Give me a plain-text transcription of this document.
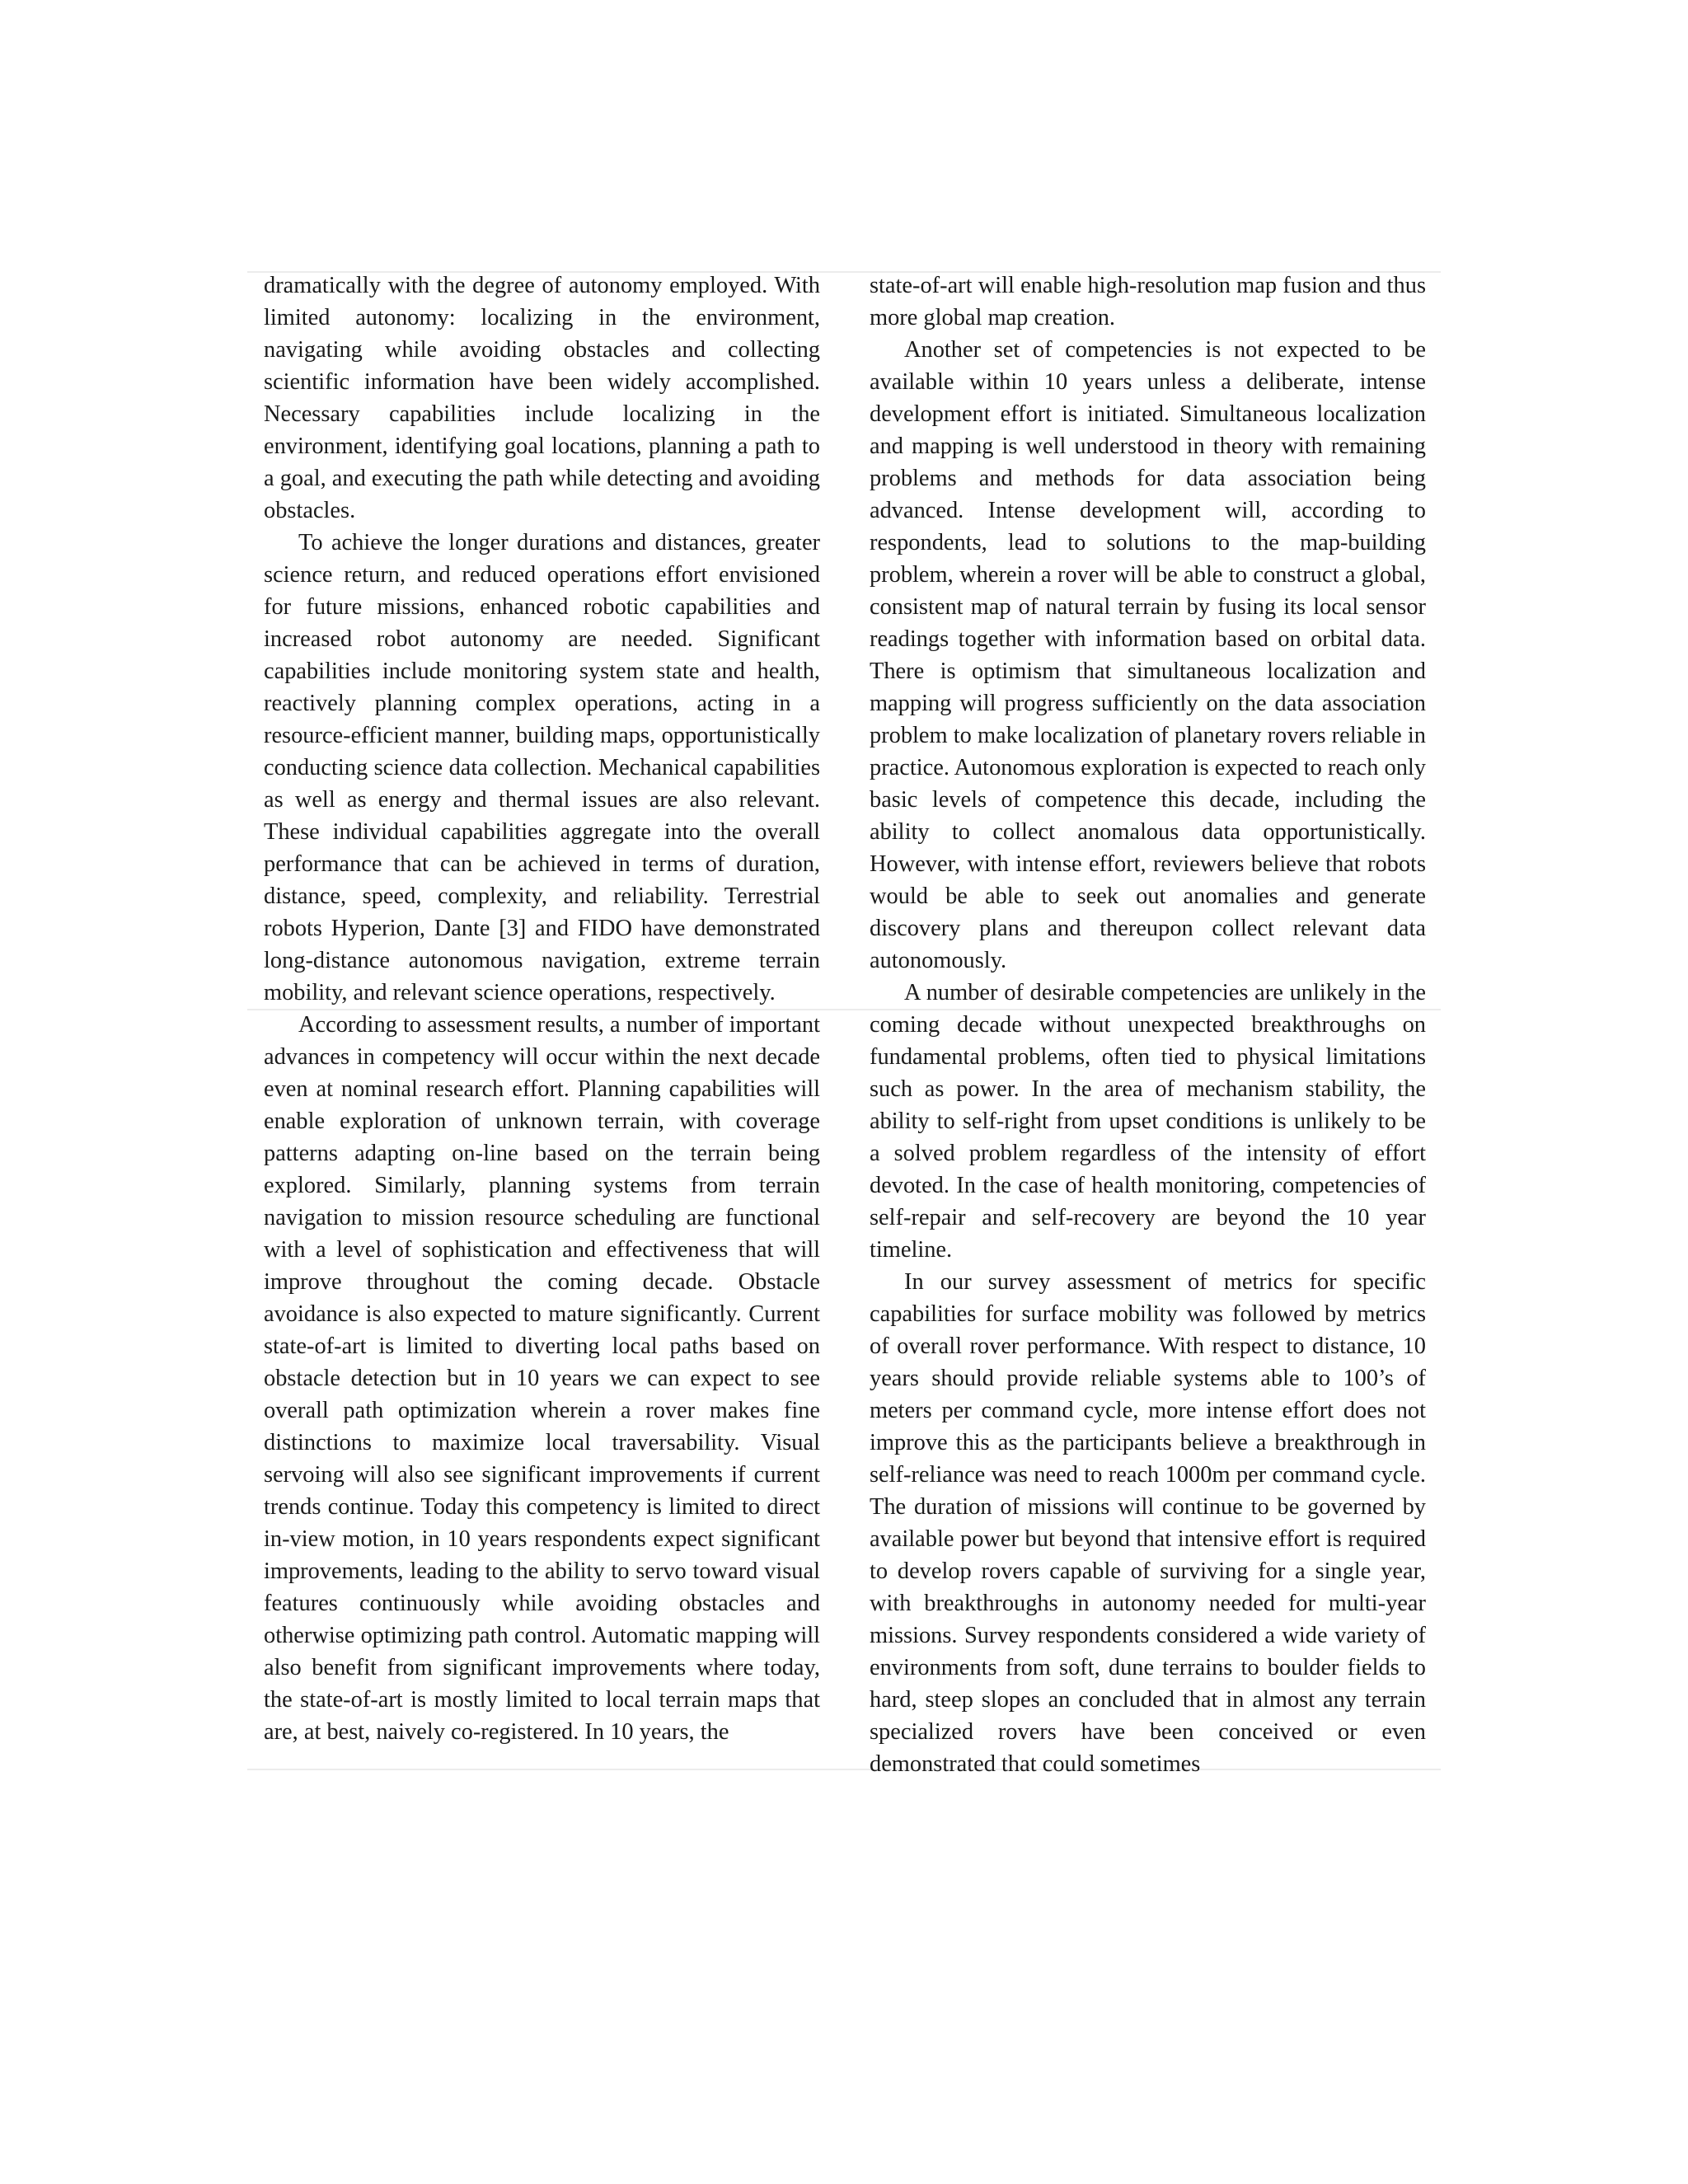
dramatically with the degree of autonomy employed. With limited autonomy: localizing in the environment, navigating while avoiding obstacles and collecting scientific information have been widely accomplished. Necessary capabilities include localizing in the environment, identifying goal locations, planning a path to a goal, and executing the path while detecting and avoiding obstacles.

To achieve the longer durations and distances, greater science return, and reduced operations effort envisioned for future missions, enhanced robotic capabilities and increased robot autonomy are needed. Significant capabilities include monitoring system state and health, reactively planning complex operations, acting in a resource-efficient manner, building maps, opportunistically conducting science data collection. Mechanical capabilities as well as energy and thermal issues are also relevant. These individual capabilities aggregate into the overall performance that can be achieved in terms of duration, distance, speed, complexity, and reliability. Terrestrial robots Hyperion, Dante [3] and FIDO have demonstrated long-distance autonomous navigation, extreme terrain mobility, and relevant science operations, respectively.

According to assessment results, a number of important advances in competency will occur within the next decade even at nominal research effort. Planning capabilities will enable exploration of unknown terrain, with coverage patterns adapting on-line based on the terrain being explored. Similarly, planning systems from terrain navigation to mission resource scheduling are functional with a level of sophistication and effectiveness that will improve throughout the coming decade. Obstacle avoidance is also expected to mature significantly. Current state-of-art is limited to diverting local paths based on obstacle detection but in 10 years we can expect to see overall path optimization wherein a rover makes fine distinctions to maximize local traversability. Visual servoing will also see significant improvements if current trends continue. Today this competency is limited to direct in-view motion, in 10 years respondents expect significant improvements, leading to the ability to servo toward visual features continuously while avoiding obstacles and otherwise optimizing path control. Automatic mapping will also benefit from significant improvements where today, the state-of-art is mostly limited to local terrain maps that are, at best, naively co-registered. In 10 years, the

state-of-art will enable high-resolution map fusion and thus more global map creation.

Another set of competencies is not expected to be available within 10 years unless a deliberate, intense development effort is initiated. Simultaneous localization and mapping is well understood in theory with remaining problems and methods for data association being advanced. Intense development will, according to respondents, lead to solutions to the map-building problem, wherein a rover will be able to construct a global, consistent map of natural terrain by fusing its local sensor readings together with information based on orbital data. There is optimism that simultaneous localization and mapping will progress sufficiently on the data association problem to make localization of planetary rovers reliable in practice. Autonomous exploration is expected to reach only basic levels of competence this decade, including the ability to collect anomalous data opportunistically. However, with intense effort, reviewers believe that robots would be able to seek out anomalies and generate discovery plans and thereupon collect relevant data autonomously.

A number of desirable competencies are unlikely in the coming decade without unexpected breakthroughs on fundamental problems, often tied to physical limitations such as power. In the area of mechanism stability, the ability to self-right from upset conditions is unlikely to be a solved problem regardless of the intensity of effort devoted. In the case of health monitoring, competencies of self-repair and self-recovery are beyond the 10 year timeline.

In our survey assessment of metrics for specific capabilities for surface mobility was followed by metrics of overall rover performance. With respect to distance, 10 years should provide reliable systems able to 100’s of meters per command cycle, more intense effort does not improve this as the participants believe a breakthrough in self-reliance was need to reach 1000m per command cycle. The duration of missions will continue to be governed by available power but beyond that intensive effort is required to develop rovers capable of surviving for a single year, with breakthroughs in autonomy needed for multi-year missions. Survey respondents considered a wide variety of environments from soft, dune terrains to boulder fields to hard, steep slopes an concluded that in almost any terrain specialized rovers have been conceived or even demonstrated that could sometimes
